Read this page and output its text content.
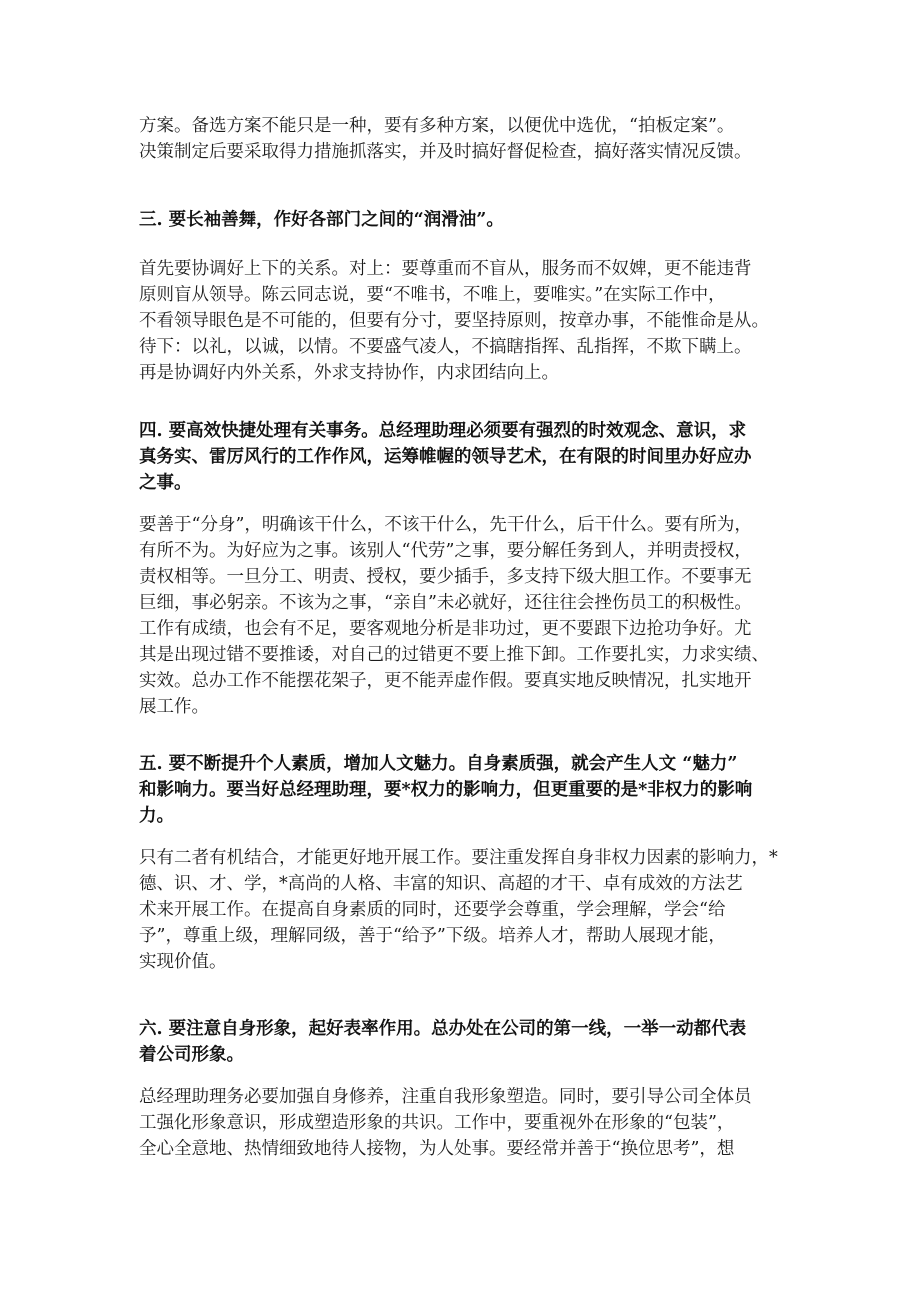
方案。备选方案不能只是一种，要有多种方案，以便优中选优，“拍板定案”。
决策制定后要采取得力措施抓落实，并及时搞好督促检查，搞好落实情况反馈。
三. 要长袖善舞，作好各部门之间的“润滑油”。
首先要协调好上下的关系。对上：要尊重而不盲从，服务而不奴婢，更不能违背
原则盲从领导。陈云同志说，要“不唯书，不唯上，要唯实。”在实际工作中，
不看领导眼色是不可能的，但要有分寸，要坚持原则，按章办事，不能惟命是从。
待下：以礼，以诚，以情。不要盛气凌人，不搞瞎指挥、乱指挥，不欺下瞒上。
再是协调好内外关系，外求支持协作，内求团结向上。
四. 要高效快捷处理有关事务。总经理助理必须要有强烈的时效观念、意识，求
真务实、雷厉风行的工作作风，运筹帷幄的领导艺术，在有限的时间里办好应办
之事。
要善于“分身”，明确该干什么，不该干什么，先干什么，后干什么。要有所为，
有所不为。为好应为之事。该别人“代劳”之事，要分解任务到人，并明责授权，
责权相等。一旦分工、明责、授权，要少插手，多支持下级大胆工作。不要事无
巨细，事必躬亲。不该为之事，“亲自”未必就好，还往往会挫伤员工的积极性。
工作有成绩，也会有不足，要客观地分析是非功过，更不要跟下边抢功争好。尤
其是出现过错不要推诿，对自己的过错更不要上推下卸。工作要扎实，力求实绩、
实效。总办工作不能摆花架子，更不能弄虚作假。要真实地反映情况，扎实地开
展工作。
五. 要不断提升个人素质，增加人文魅力。自身素质强，就会产生人文 “魅力”
和影响力。要当好总经理助理，要*权力的影响力，但更重要的是*非权力的影响
力。
只有二者有机结合，才能更好地开展工作。要注重发挥自身非权力因素的影响力，*
德、识、才、学，*高尚的人格、丰富的知识、高超的才干、卓有成效的方法艺
术来开展工作。在提高自身素质的同时，还要学会尊重，学会理解，学会“给
予”，尊重上级，理解同级，善于“给予”下级。培养人才，帮助人展现才能，
实现价值。
六. 要注意自身形象，起好表率作用。总办处在公司的第一线，一举一动都代表
着公司形象。
总经理助理务必要加强自身修养，注重自我形象塑造。同时，要引导公司全体员
工强化形象意识，形成塑造形象的共识。工作中，要重视外在形象的“包装”，
全心全意地、热情细致地待人接物，为人处事。要经常并善于“换位思考”，想
